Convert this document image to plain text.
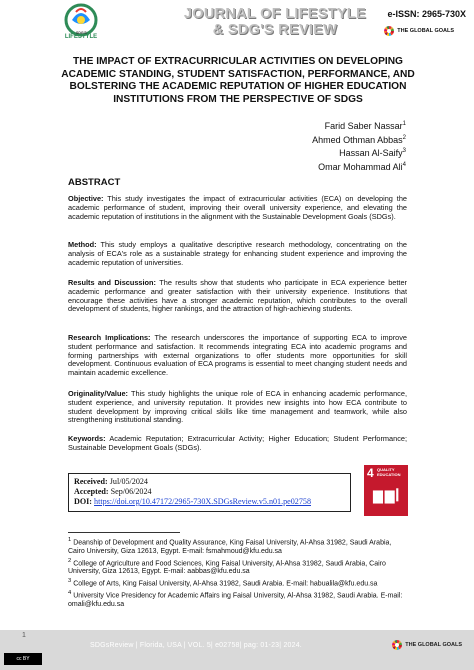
LIFESTYLE
SDG'S
JOURNAL OF LIFESTYLE
& SDG'S REVIEW
e-ISSN: 2965-730X
THE GLOBAL GOALS
THE IMPACT OF EXTRACURRICULAR ACTIVITIES ON DEVELOPING ACADEMIC STANDING, STUDENT SATISFACTION, PERFORMANCE, AND BOLSTERING THE ACADEMIC REPUTATION OF HIGHER EDUCATION INSTITUTIONS FROM THE PERSPECTIVE OF SDGS
Farid Saber Nassar$^1$
Ahmed Othman Abbas$^2$
Hassan Al-Saify$^3$
Omar Mohammad Ali$^4$
ABSTRACT
Objective: This study investigates the impact of extracurricular activities (ECA) on developing the academic performance of student, improving their overall university experience, and elevating the academic reputation of institutions in the alignment with the Sustainable Development Goals (SDGs).
Method: This study employs a qualitative descriptive research methodology, concentrating on the analysis of ECA's role as a sustainable strategy for enhancing student experience and improving the academic reputation of universities.
Results and Discussion: The results show that students who participate in ECA experience better academic performance and greater satisfaction with their university experience. Institutions that encourage these activities have a stronger academic reputation, which contributes to the overall development of students, higher rankings, and the attraction of high-achieving students.
Research Implications: The research underscores the importance of supporting ECA to improve student performance and satisfaction. It recommends integrating ECA into academic programs and forming partnerships with external organizations to offer students more opportunities for skill development. Continuous evaluation of ECA programs is essential to meet changing student needs and maintain academic excellence.
Originality/Value: This study highlights the unique role of ECA in enhancing academic performance, student experience, and university reputation. It provides new insights into how ECA contribute to student development by improving critical skills like time management and teamwork, while also strengthening institutional standing.
Keywords: Academic Reputation; Extracurricular Activity; Higher Education; Student Performance; Sustainable Development Goals (SDGs).
Received: Jul/05/2024
Accepted: Sep/06/2024
DOI: https://doi.org/10.47172/2965-730X.SDGsReview.v5.n01.pe02758
4 QUALITY
EDUCATION

$^1$ Deanship of Development and Quality Assurance, King Faisal University, Al-Ahsa 31982, Saudi Arabia, Cairo University, Giza 12613, Egypt. E-mail: fsmahmoud@kfu.edu.sa

$^2$ College of Agriculture and Food Sciences, King Faisal University, Al-Ahsa 31982, Saudi Arabia, Cairo University, Giza 12613, Egypt. E-mail: aabbas@kfu.edu.sa

$^3$ College of Arts, King Faisal University, Al-Ahsa 31982, Saudi Arabia. E-mail: habualila@kfu.edu.sa

$^4$ University Vice Presidency for Academic Affairs ing Faisal University, Al-Ahsa 31982, Saudi Arabia. E-mail: omali@kfu.edu.sa

SDGsReview | Florida, USA | VOL. 5| e02758| pag: 01-23| 2024.	THE GLOBAL GOALS
1
cc BY
